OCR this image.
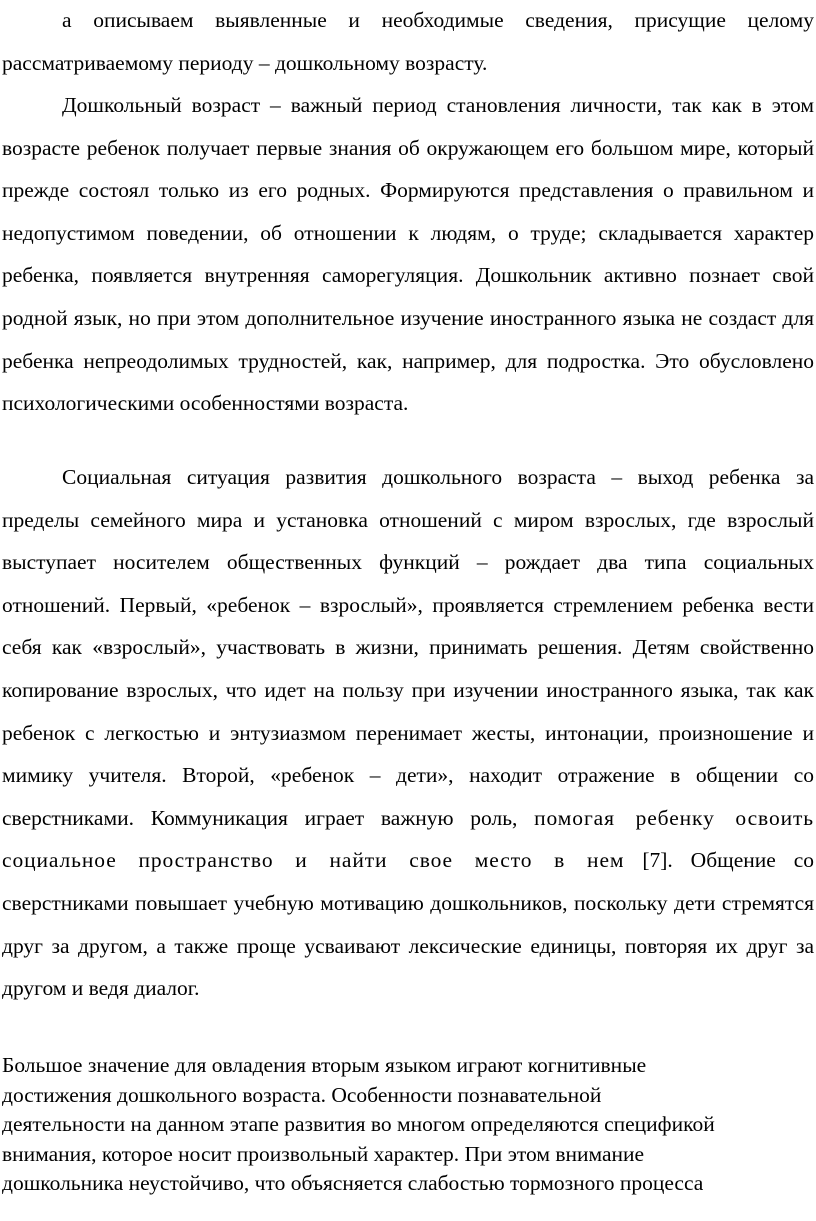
а описываем выявленные и необходимые сведения, присущие целому рассматриваемому периоду – дошкольному возрасту.

Дошкольный возраст – важный период становления личности, так как в этом возрасте ребенок получает первые знания об окружающем его большом мире, который прежде состоял только из его родных. Формируются представления о правильном и недопустимом поведении, об отношении к людям, о труде; складывается характер ребенка, появляется внутренняя саморегуляция. Дошкольник активно познает свой родной язык, но при этом дополнительное изучение иностранного языка не создаст для ребенка непреодолимых трудностей, как, например, для подростка. Это обусловлено психологическими особенностями возраста.

Социальная ситуация развития дошкольного возраста – выход ребенка за пределы семейного мира и установка отношений с миром взрослых, где взрослый выступает носителем общественных функций – рождает два типа социальных отношений. Первый, «ребенок – взрослый», проявляется стремлением ребенка вести себя как «взрослый», участвовать в жизни, принимать решения. Детям свойственно копирование взрослых, что идет на пользу при изучении иностранного языка, так как ребенок с легкостью и энтузиазмом перенимает жесты, интонации, произношение и мимику учителя. Второй, «ребенок – дети», находит отражение в общении со сверстниками. Коммуникация играет важную роль, помогая ребенку освоить социальное пространство и найти свое место в нем [7]. Общение со сверстниками повышает учебную мотивацию дошкольников, поскольку дети стремятся друг за другом, а также проще усваивают лексические единицы, повторяя их друг за другом и ведя диалог.

Большое значение для овладения вторым языком играют когнитивные
достижения дошкольного возраста. Особенности познавательной
деятельности на данном этапе развития во многом определяются спецификой
внимания, которое носит произвольный характер. При этом внимание
дошкольника неустойчиво, что объясняется слабостью тормозного процесса
